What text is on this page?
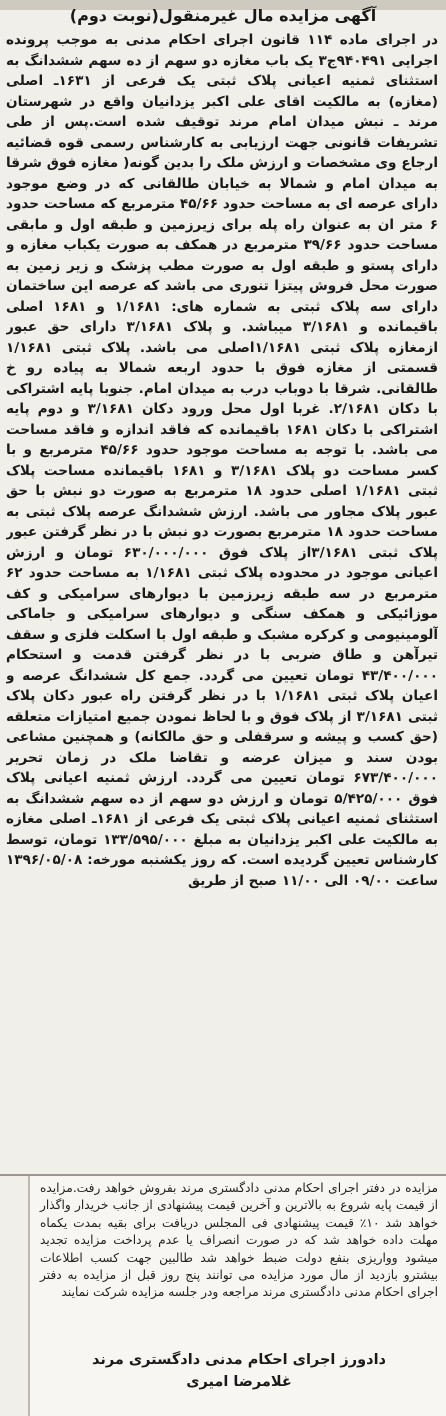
آگهی مزایده مال غیرمنقول(نوبت دوم)
در اجرای ماده ۱۱۴ قانون اجرای احکام مدنی به موجب پرونده اجرایی ۹۴۰۴۹۱ج۳ یک باب مغازه دو سهم از ده سهم ششدانگ به استثنای ثمنیه اعیانی پلاک ثبتی یک فرعی از ۱۶۳۱ـ اصلی (مغازه) به مالکیت اقای علی اکبر یزدانیان واقع در شهرستان مرند ـ نبش میدان امام مرند توقیف شده است.پس از طی تشریفات قانونی جهت ارزیابی به کارشناس رسمی قوه قضائیه ارجاع وی مشخصات و ارزش ملک را بدین گونه( مغازه فوق شرقا به میدان امام و شمالا به خیابان طالقانی که در وضع موجود دارای عرصه ای به مساحت حدود ۴۵/۶۶ مترمربع که مساحت حدود ۶ متر ان به عنوان راه پله برای زیرزمین و طبقه اول و مابقی مساحت حدود ۳۹/۶۶ مترمربع در همکف به صورت یکباب مغازه و دارای پستو و طبقه اول به صورت مطب پزشک و زیر زمین به صورت محل فروش پیتزا تنوری می باشد که عرصه این ساختمان دارای سه پلاک ثبتی به شماره های: ۱/۱۶۸۱ و ۱۶۸۱ اصلی باقیمانده و ۳/۱۶۸۱ میباشد. و پلاک ۳/۱۶۸۱ دارای حق عبور ازمغازه پلاک ثبتی ۱/۱۶۸۱اصلی می باشد. پلاک ثبتی ۱/۱۶۸۱ قسمتی از مغازه فوق با حدود اربعه شمالا به پیاده رو خ طالقانی. شرقا با دوباب درب به میدان امام. جنوبا پایه اشتراکی با دکان ۲/۱۶۸۱. غربا اول محل ورود دکان ۳/۱۶۸۱ و دوم پایه اشتراکی با دکان ۱۶۸۱ باقیمانده که فاقد اندازه و فاقد مساحت می باشد. با توجه به مساحت موجود حدود ۴۵/۶۶ مترمربع و با کسر مساحت دو پلاک ۳/۱۶۸۱ و ۱۶۸۱ باقیمانده مساحت پلاک ثبتی ۱/۱۶۸۱ اصلی حدود ۱۸ مترمربع به صورت دو نبش با حق عبور پلاک مجاور می باشد. ارزش ششدانگ عرصه پلاک ثبتی به مساحت حدود ۱۸ مترمربع بصورت دو نبش با در نظر گرفتن عبور پلاک ثبتی ۳/۱۶۸۱از پلاک فوق ۶۳۰/۰۰۰/۰۰۰ تومان و ارزش اعیانی موجود در محدوده پلاک ثبتی ۱/۱۶۸۱ به مساحت حدود ۶۲ مترمربع در سه طبقه زیرزمین با دیوارهای سرامیکی و کف موزائیکی و همکف سنگی و دیوارهای سرامیکی و جاماکی آلومینیومی و کرکره مشبک و طبقه اول با اسکلت فلزی و سقف تیرآهن و طاق ضربی با در نظر گرفتن قدمت و استحکام ۴۳/۴۰۰/۰۰۰ تومان تعیین می گردد. جمع کل ششدانگ عرصه و اعیان پلاک ثبتی ۱/۱۶۸۱ با در نظر گرفتن راه عبور دکان پلاک ثبتی ۳/۱۶۸۱ از پلاک فوق و با لحاظ نمودن جمیع امتیازات متعلقه (حق کسب و پیشه و سرقفلی و حق مالکانه) و همچنین مشاعی بودن سند و میزان عرضه و تقاضا ملک در زمان تحریر ۶۷۳/۴۰۰/۰۰۰ تومان تعیین می گردد. ارزش ثمنیه اعیانی پلاک فوق ۵/۴۲۵/۰۰۰ تومان و ارزش دو سهم از ده سهم ششدانگ به استثنای ثمنیه اعیانی پلاک ثبتی یک فرعی از ۱۶۸۱ـ اصلی مغازه به مالکیت علی اکبر یزدانیان به مبلغ ۱۳۳/۵۹۵/۰۰۰ تومان، توسط کارشناس تعیین گردیده است. که روز یکشنبه مورخه: ۱۳۹۶/۰۵/۰۸ ساعت ۰۹/۰۰ الی ۱۱/۰۰ صبح از طریق
مزایده در دفتر اجرای احکام مدنی دادگستری مرند بفروش خواهد رفت.مزایده از قیمت پایه شروع به بالاترین و آخرین قیمت پیشنهادی از جانب خریدار واگذار خواهد شد ۱۰٪ قیمت پیشنهادی فی المجلس دریافت برای بقیه بمدت یکماه مهلت داده خواهد شد که در صورت انصراف یا عدم پرداخت مزایده تجدید میشود وواریزی بنفع دولت ضبط خواهد شد طالبین جهت کسب اطلاعات بیشترو بازدید از مال مورد مزایده می توانند پنج روز قبل از مزایده به دفتر اجرای احکام مدنی دادگستری مرند مراجعه ودر جلسه مزایده شرکت نمایند
دادورز اجرای احکام مدنی دادگستری مرند
غلامرضا امیری
